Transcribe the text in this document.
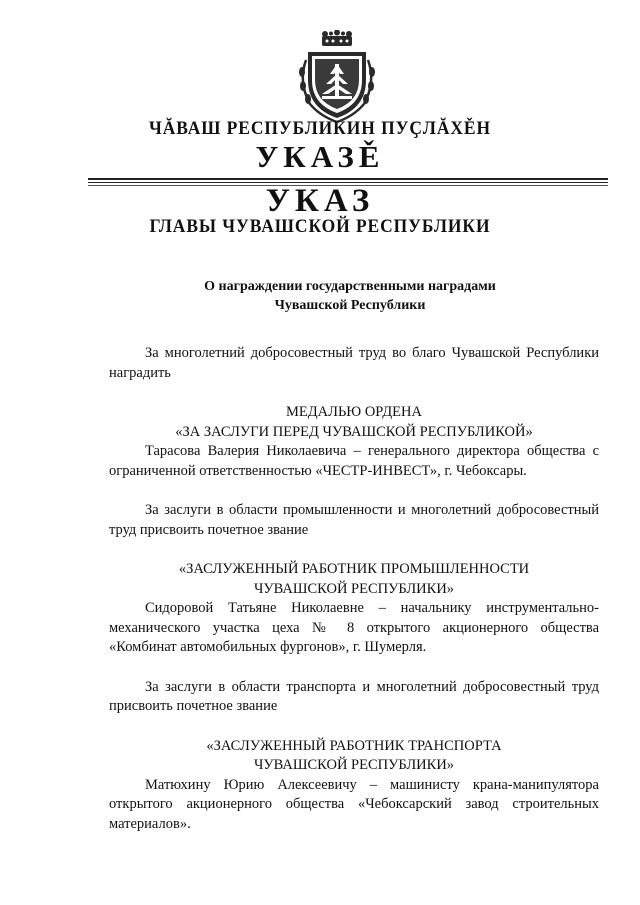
ЧĂВАШ РЕСПУБЛИКИН ПУҪЛĂХĚН
УКАЗĚ
УКАЗ
ГЛАВЫ ЧУВАШСКОЙ РЕСПУБЛИКИ
О награждении государственными наградами
Чувашской Республики

За многолетний добросовестный труд во благо Чувашской Республики наградить

МЕДАЛЬЮ ОРДЕНА

«ЗА ЗАСЛУГИ ПЕРЕД ЧУВАШСКОЙ РЕСПУБЛИКОЙ»

Тарасова Валерия Николаевича – генерального директора общества с ограниченной ответственностью «ЧЕСТР-ИНВЕСТ», г. Чебоксары.

За заслуги в области промышленности и многолетний добросовестный труд присвоить почетное звание

«ЗАСЛУЖЕННЫЙ РАБОТНИК ПРОМЫШЛЕННОСТИ

ЧУВАШСКОЙ РЕСПУБЛИКИ»

Сидоровой Татьяне Николаевне – начальнику инструментально-механического участка цеха № 8 открытого акционерного общества «Комбинат автомобильных фургонов», г. Шумерля.

За заслуги в области транспорта и многолетний добросовестный труд присвоить почетное звание

«ЗАСЛУЖЕННЫЙ РАБОТНИК ТРАНСПОРТА

ЧУВАШСКОЙ РЕСПУБЛИКИ»

Матюхину Юрию Алексеевичу – машинисту крана-манипулятора открытого акционерного общества «Чебоксарский завод строительных материалов».
